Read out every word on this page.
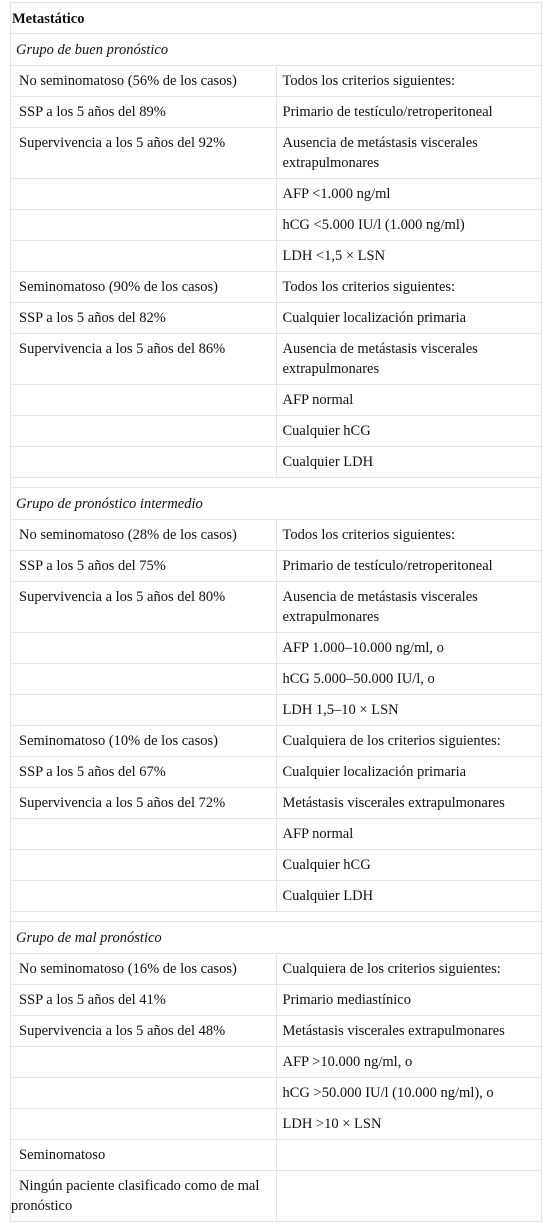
Metastático	
Grupo de buen pronóstico	
No seminomatoso (56% de los casos)	Todos los criterios siguientes:
SSP a los 5 años del 89%	Primario de testículo/retroperitoneal
Supervivencia a los 5 años del 92%	Ausencia de metástasis viscerales extrapulmonares
	AFP <1.000 ng/ml
	hCG <5.000 IU/l (1.000 ng/ml)
	LDH <1,5 × LSN
Seminomatoso (90% de los casos)	Todos los criterios siguientes:
SSP a los 5 años del 82%	Cualquier localización primaria
Supervivencia a los 5 años del 86%	Ausencia de metástasis viscerales extrapulmonares
	AFP normal
	Cualquier hCG
	Cualquier LDH

Grupo de pronóstico intermedio	
No seminomatoso (28% de los casos)	Todos los criterios siguientes:
SSP a los 5 años del 75%	Primario de testículo/retroperitoneal
Supervivencia a los 5 años del 80%	Ausencia de metástasis viscerales extrapulmonares
	AFP 1.000–10.000 ng/ml, o
	hCG 5.000–50.000 IU/l, o
	LDH 1,5–10 × LSN
Seminomatoso (10% de los casos)	Cualquiera de los criterios siguientes:
SSP a los 5 años del 67%	Cualquier localización primaria
Supervivencia a los 5 años del 72%	Metástasis viscerales extrapulmonares
	AFP normal
	Cualquier hCG
	Cualquier LDH

Grupo de mal pronóstico	
No seminomatoso (16% de los casos)	Cualquiera de los criterios siguientes:
SSP a los 5 años del 41%	Primario mediastínico
Supervivencia a los 5 años del 48%	Metástasis viscerales extrapulmonares
	AFP >10.000 ng/ml, o
	hCG >50.000 IU/l (10.000 ng/ml), o
	LDH >10 × LSN
Seminomatoso	
Ningún paciente clasificado como de mal pronóstico	
